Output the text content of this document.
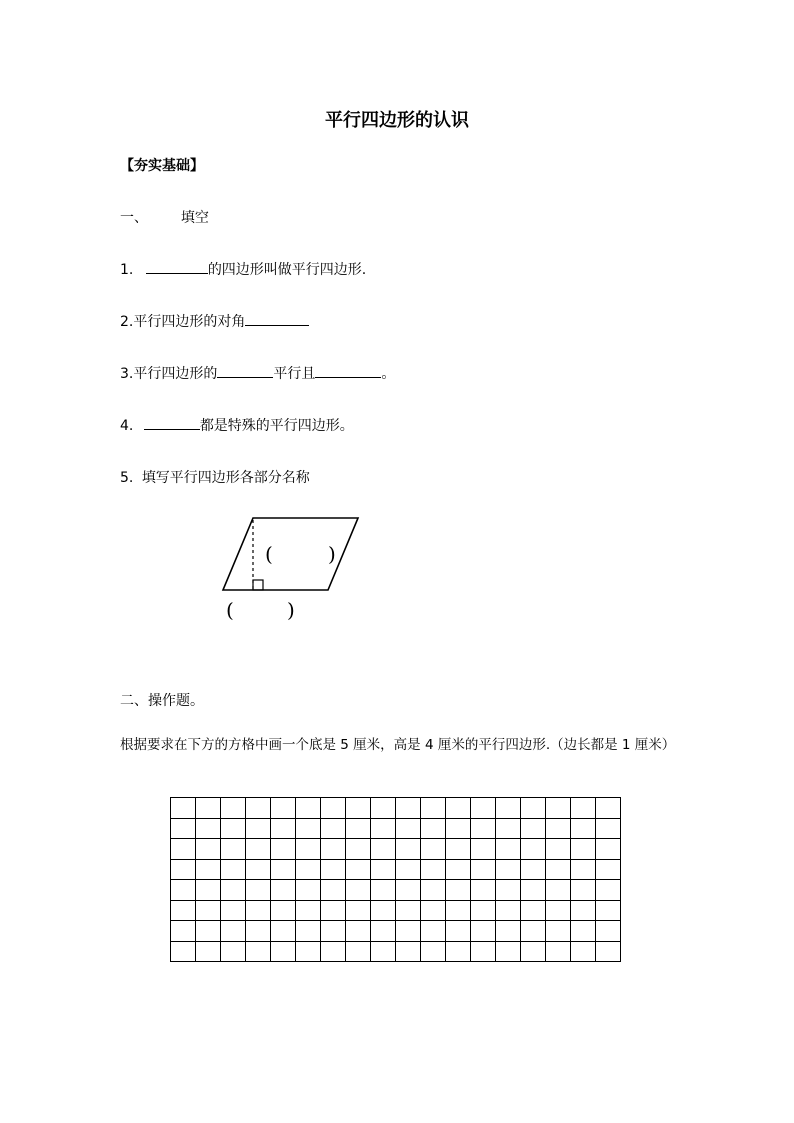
平行四边形的认识
【夯实基础】
一、 填空
1.	的四边形叫做平行四边形.
2.平行四边形的对角
3.平行四边形的	平行且	。
4.	都是特殊的平行四边形。
5. 填写平行四边形各部分名称
(	)
(	)
二、操作题。
根据要求在下方的方格中画一个底是 5 厘米，高是 4 厘米的平行四边形.（边长都是 1 厘米）
